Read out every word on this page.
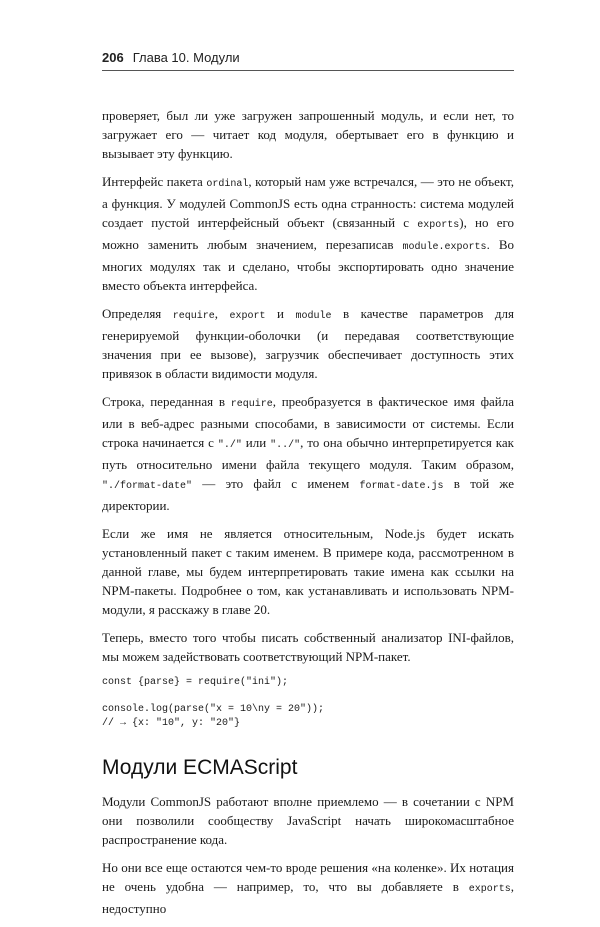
206 Глава 10. Модули

проверяет, был ли уже загружен запрошенный модуль, и если нет, то загружает его — читает код модуля, обертывает его в функцию и вызывает эту функцию.

Интерфейс пакета ordinal, который нам уже встречался, — это не объект, а функция. У модулей CommonJS есть одна странность: система модулей создает пустой интерфейсный объект (связанный с exports), но его можно заменить любым значением, перезаписав module.exports. Во многих модулях так и сделано, чтобы экспортировать одно значение вместо объекта интерфейса.

Определяя require, export и module в качестве параметров для генерируемой функции-оболочки (и передавая соответствующие значения при ее вызове), загрузчик обеспечивает доступность этих привязок в области видимости модуля.

Строка, переданная в require, преобразуется в фактическое имя файла или в веб-адрес разными способами, в зависимости от системы. Если строка начинается с "./" или "../", то она обычно интерпретируется как путь относительно имени файла текущего модуля. Таким образом, "./format-date" — это файл с именем format-date.js в той же директории.

Если же имя не является относительным, Node.js будет искать установленный пакет с таким именем. В примере кода, рассмотренном в данной главе, мы будем интерпретировать такие имена как ссылки на NPM-пакеты. Подробнее о том, как устанавливать и использовать NPM-модули, я расскажу в главе 20.

Теперь, вместо того чтобы писать собственный анализатор INI-файлов, мы можем задействовать соответствующий NPM-пакет.

const {parse} = require("ini");
console.log(parse("x = 10\ny = 20"));
// → {x: "10", y: "20"}
Модули ECMAScript

Модули CommonJS работают вполне приемлемо — в сочетании с NPM они позволили сообществу JavaScript начать широкомасштабное распространение кода.

Но они все еще остаются чем-то вроде решения «на коленке». Их нотация не очень удобна — например, то, что вы добавляете в exports, недоступно
